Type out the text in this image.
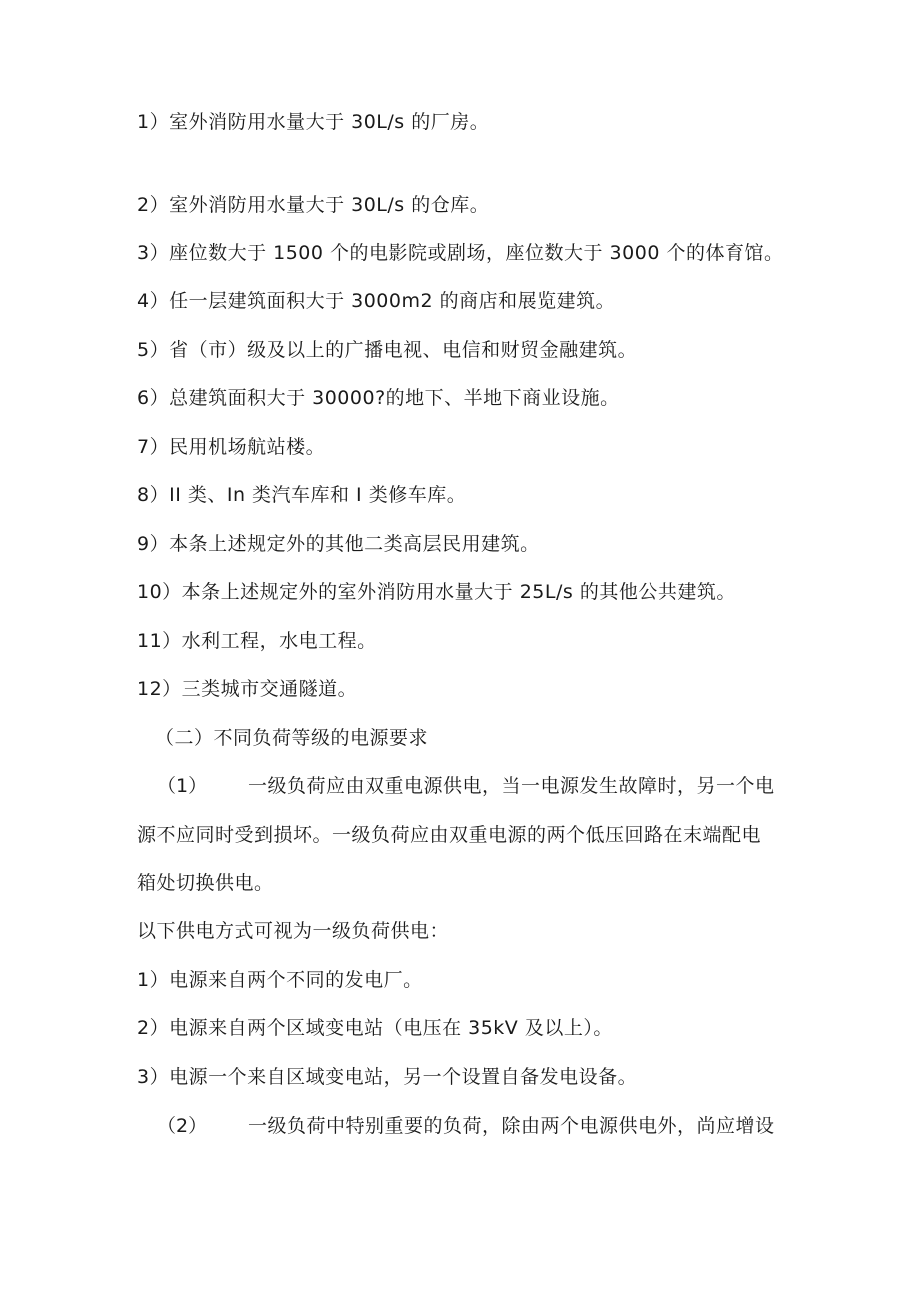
1）室外消防用水量大于 30L/s 的厂房。
2）室外消防用水量大于 30L/s 的仓库。
3）座位数大于 1500 个的电影院或剧场，座位数大于 3000 个的体育馆。
4）任一层建筑面积大于 3000m2 的商店和展览建筑。
5）省（市）级及以上的广播电视、电信和财贸金融建筑。
6）总建筑面积大于 30000?的地下、半地下商业设施。
7）民用机场航站楼。
8）II 类、In 类汽车库和 I 类修车库。
9）本条上述规定外的其他二类高层民用建筑。
10）本条上述规定外的室外消防用水量大于 25L/s 的其他公共建筑。
11）水利工程，水电工程。
12）三类城市交通隧道。
（二）不同负荷等级的电源要求
（1） 一级负荷应由双重电源供电，当一电源发生故障时，另一个电
源不应同时受到损坏。一级负荷应由双重电源的两个低压回路在末端配电
箱处切换供电。
以下供电方式可视为一级负荷供电：
1）电源来自两个不同的发电厂。
2）电源来自两个区域变电站（电压在 35kV 及以上）。
3）电源一个来自区域变电站，另一个设置自备发电设备。
（2） 一级负荷中特别重要的负荷，除由两个电源供电外，尚应增设
